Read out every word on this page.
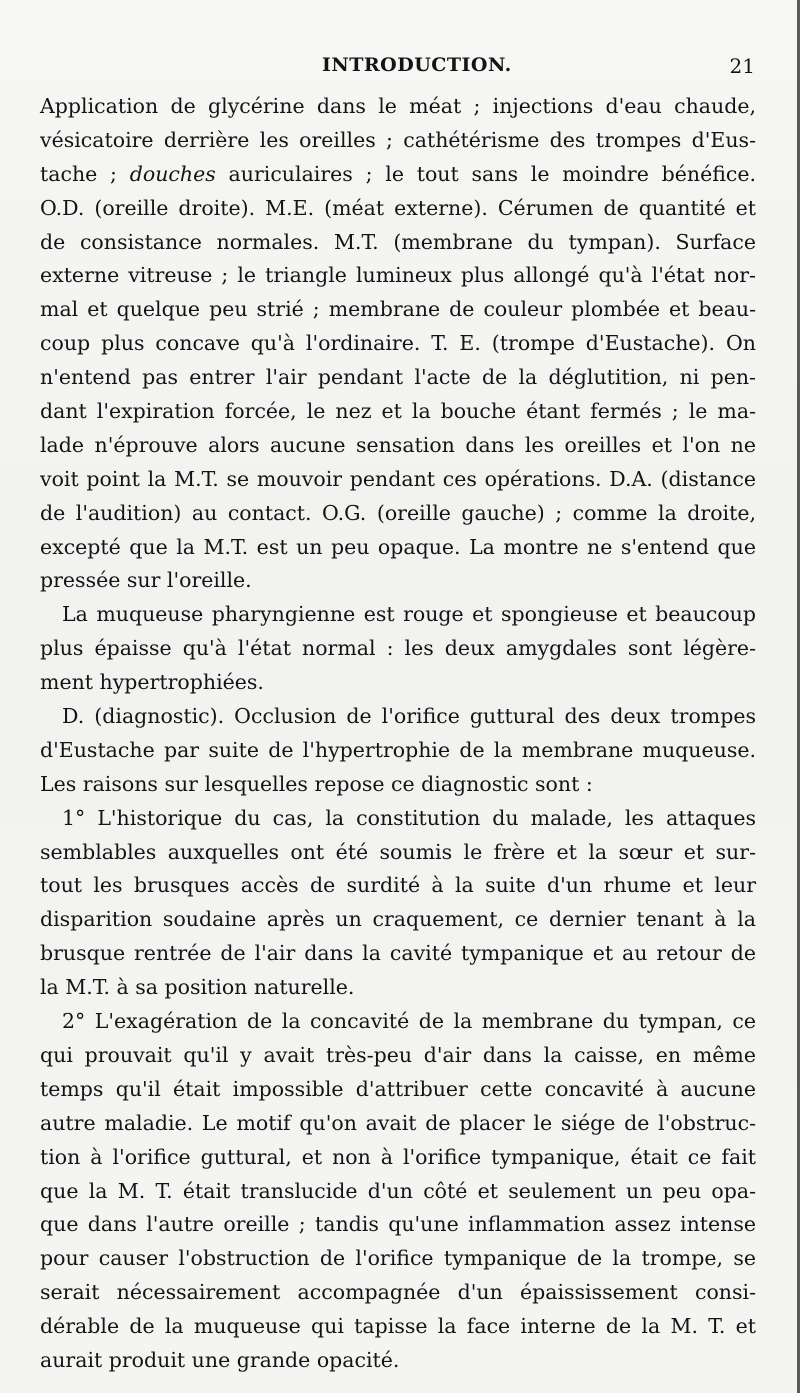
INTRODUCTION.	21
Application de glycérine dans le méat ; injections d'eau chaude,
vésicatoire derrière les oreilles ; cathétérisme des trompes d'Eus-
tache ; douches auriculaires ; le tout sans le moindre bénéfice.
O.D. (oreille droite). M.E. (méat externe). Cérumen de quantité et
de consistance normales. M.T. (membrane du tympan). Surface
externe vitreuse ; le triangle lumineux plus allongé qu'à l'état nor-
mal et quelque peu strié ; membrane de couleur plombée et beau-
coup plus concave qu'à l'ordinaire. T. E. (trompe d'Eustache). On
n'entend pas entrer l'air pendant l'acte de la déglutition, ni pen-
dant l'expiration forcée, le nez et la bouche étant fermés ; le ma-
lade n'éprouve alors aucune sensation dans les oreilles et l'on ne
voit point la M.T. se mouvoir pendant ces opérations. D.A. (distance
de l'audition) au contact. O.G. (oreille gauche) ; comme la droite,
excepté que la M.T. est un peu opaque. La montre ne s'entend que
pressée sur l'oreille.
La muqueuse pharyngienne est rouge et spongieuse et beaucoup
plus épaisse qu'à l'état normal : les deux amygdales sont légère-
ment hypertrophiées.
D. (diagnostic). Occlusion de l'orifice guttural des deux trompes
d'Eustache par suite de l'hypertrophie de la membrane muqueuse.
Les raisons sur lesquelles repose ce diagnostic sont :
1° L'historique du cas, la constitution du malade, les attaques
semblables auxquelles ont été soumis le frère et la sœur et sur-
tout les brusques accès de surdité à la suite d'un rhume et leur
disparition soudaine après un craquement, ce dernier tenant à la
brusque rentrée de l'air dans la cavité tympanique et au retour de
la M.T. à sa position naturelle.
2° L'exagération de la concavité de la membrane du tympan, ce
qui prouvait qu'il y avait très-peu d'air dans la caisse, en même
temps qu'il était impossible d'attribuer cette concavité à aucune
autre maladie. Le motif qu'on avait de placer le siége de l'obstruc-
tion à l'orifice guttural, et non à l'orifice tympanique, était ce fait
que la M. T. était translucide d'un côté et seulement un peu opa-
que dans l'autre oreille ; tandis qu'une inflammation assez intense
pour causer l'obstruction de l'orifice tympanique de la trompe, se
serait nécessairement accompagnée d'un épaississement consi-
dérable de la muqueuse qui tapisse la face interne de la M. T. et
aurait produit une grande opacité.
